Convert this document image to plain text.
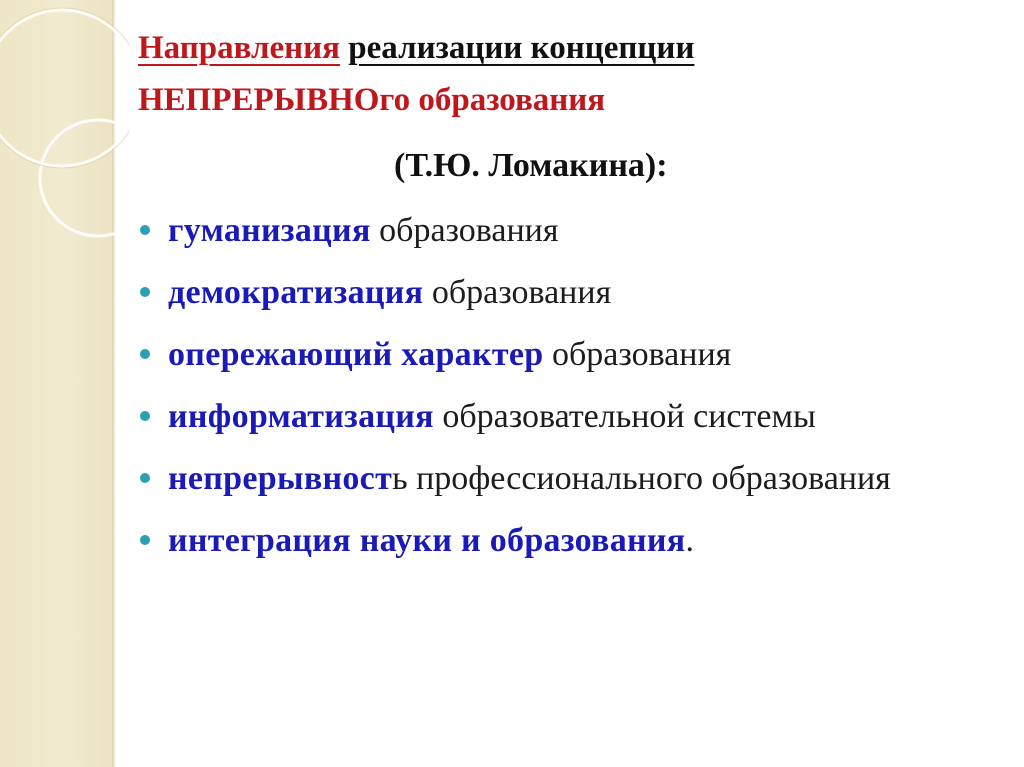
Направления реализации концепции
НЕПРЕРЫВНОго образования
(Т.Ю. Ломакина):
гуманизация образования
демократизация образования
опережающий характер образования
информатизация образовательной системы
непрерывность профессионального образования
интеграция науки и образования.
